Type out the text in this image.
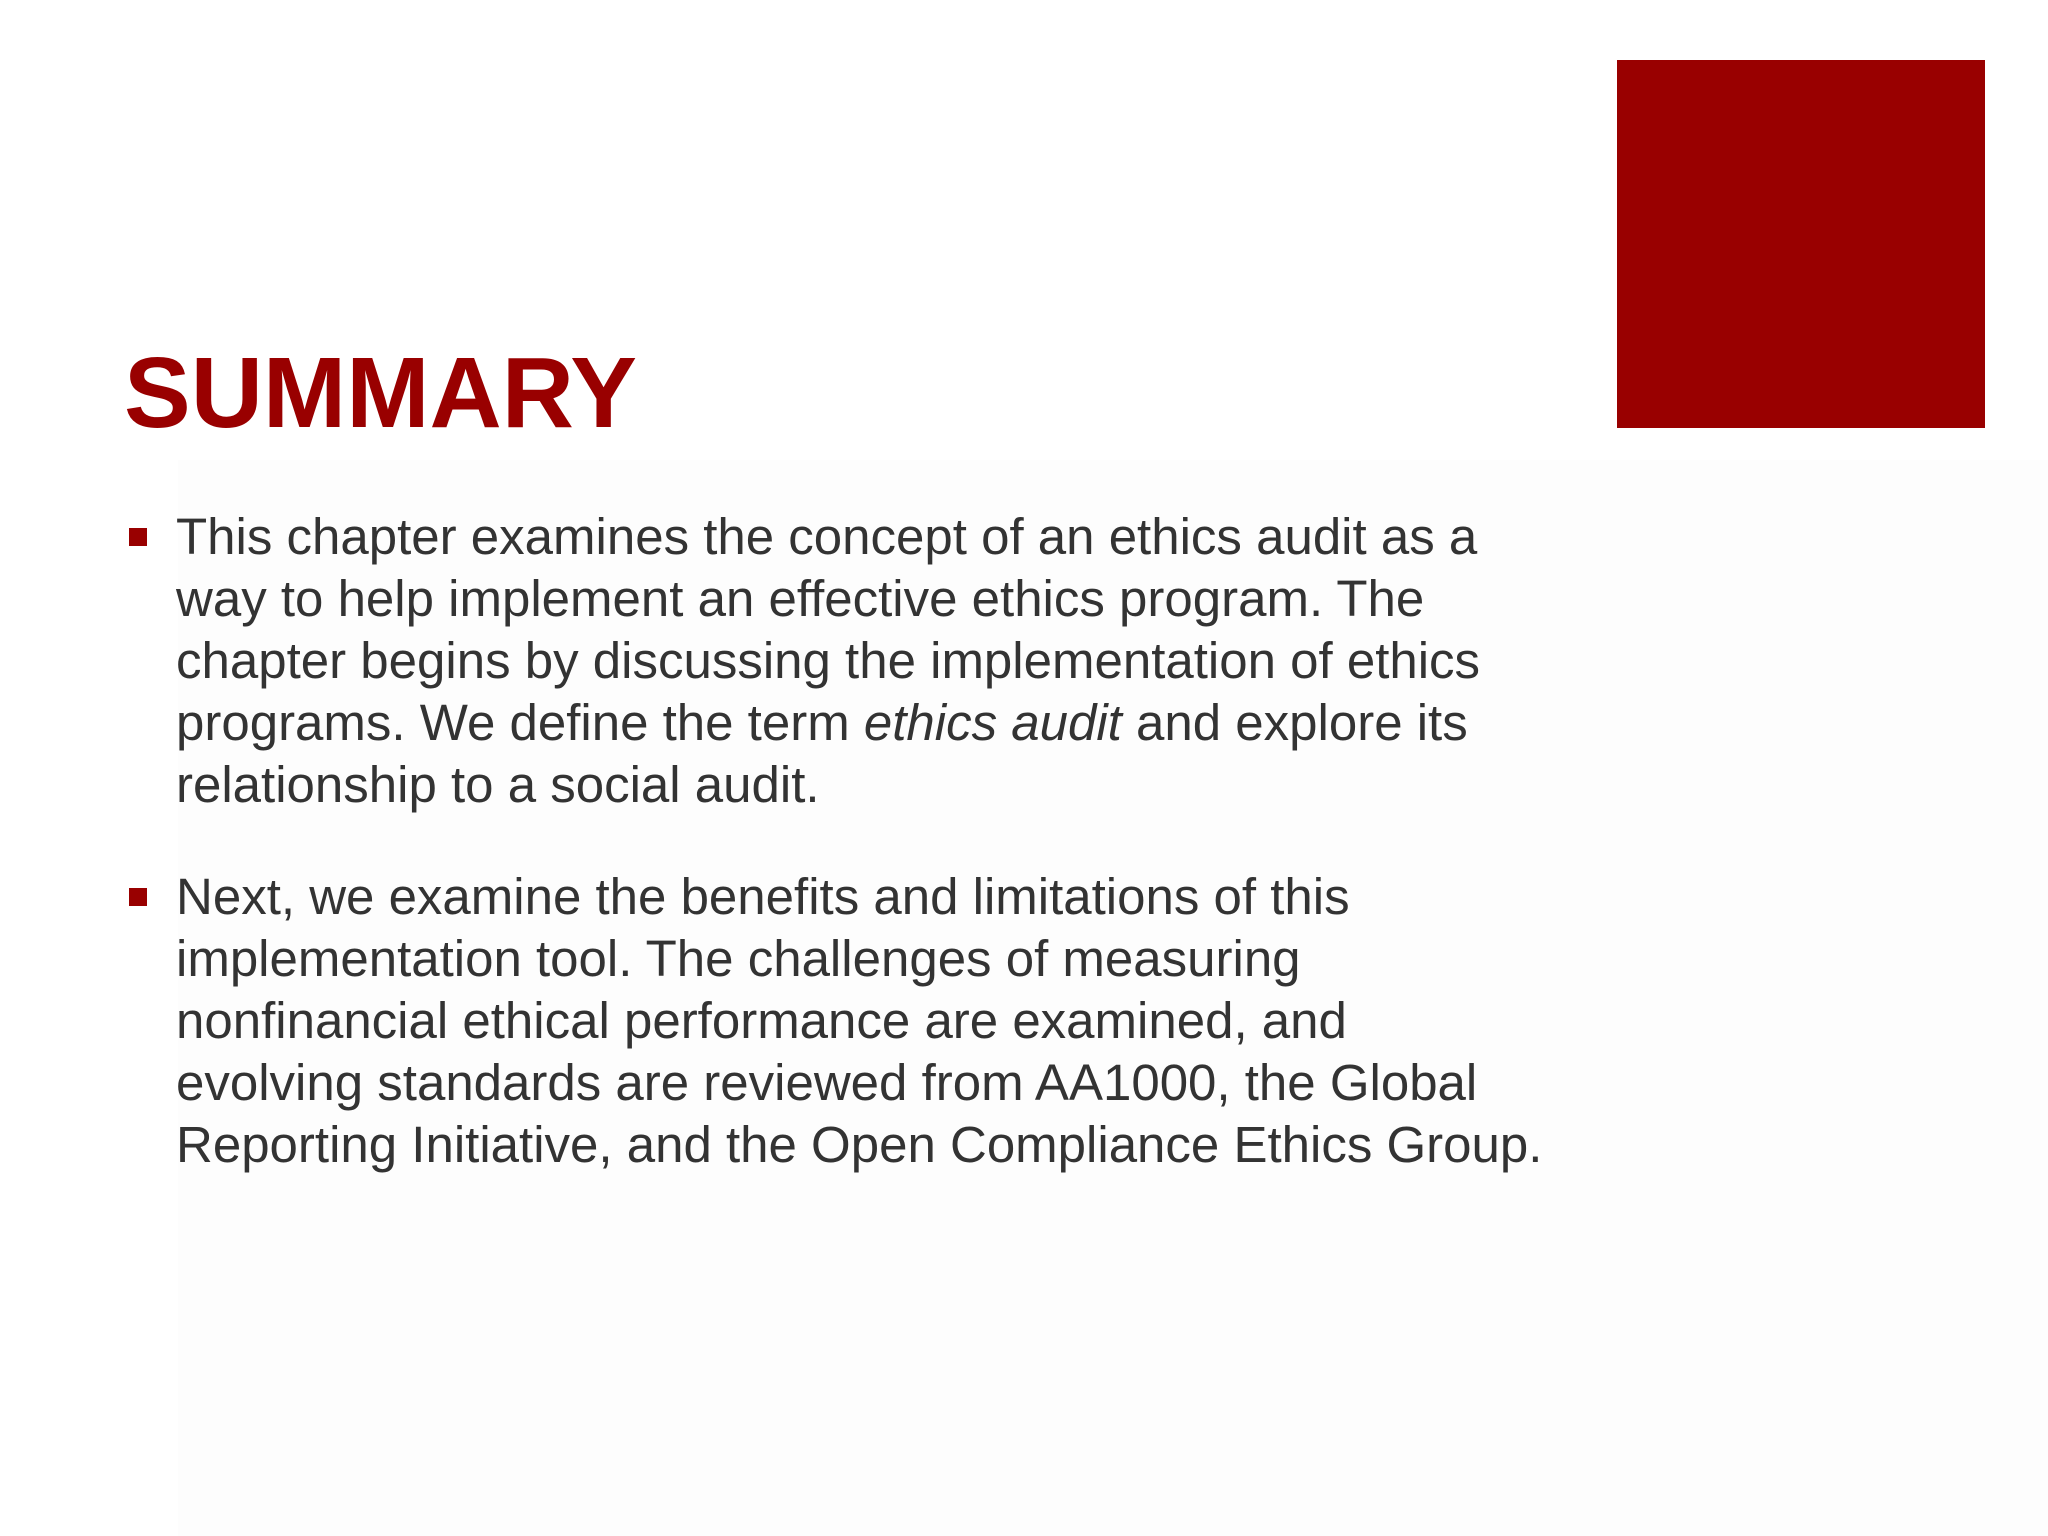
SUMMARY
This chapter examines the concept of an ethics audit as a way to help implement an effective ethics program. The chapter begins by discussing the implementation of ethics programs. We define the term ethics audit and explore its relationship to a social audit.
Next, we examine the benefits and limitations of this implementation tool. The challenges of measuring nonfinancial ethical performance are examined, and evolving standards are reviewed from AA1000, the Global Reporting Initiative, and the Open Compliance Ethics Group.
